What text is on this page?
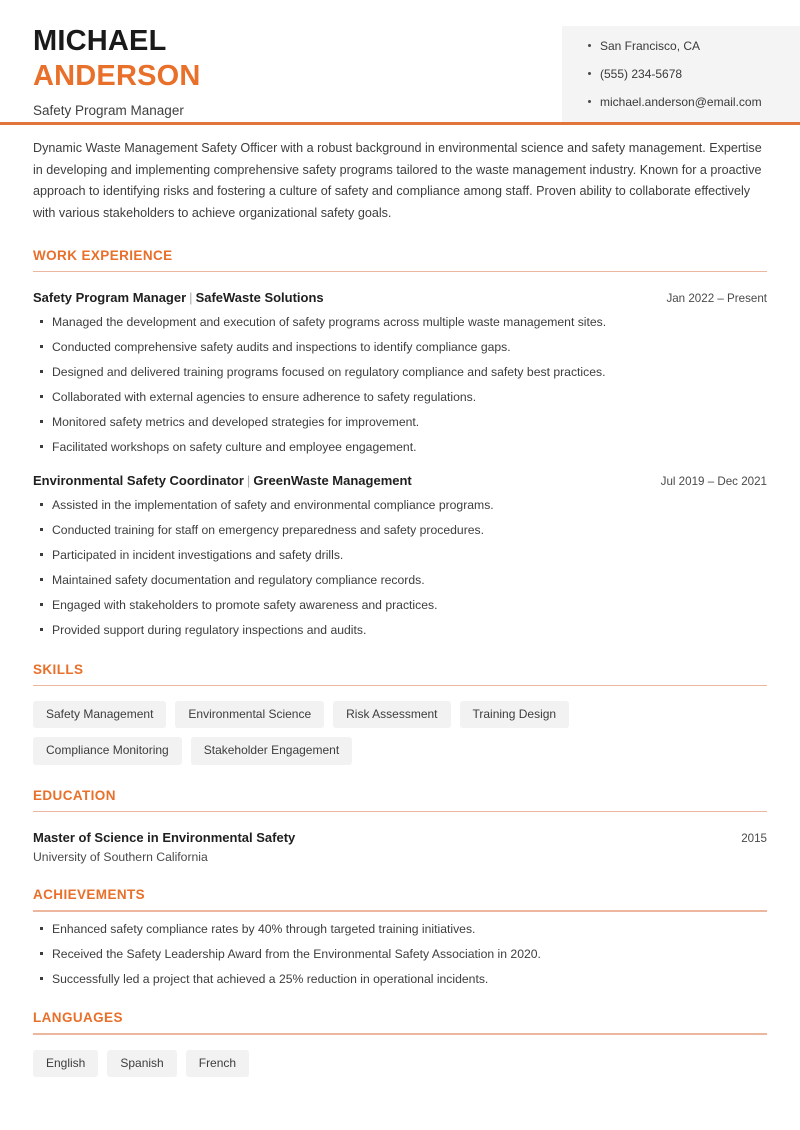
MICHAEL
ANDERSON
Safety Program Manager
San Francisco, CA
(555) 234-5678
michael.anderson@email.com
Dynamic Waste Management Safety Officer with a robust background in environmental science and safety management. Expertise in developing and implementing comprehensive safety programs tailored to the waste management industry. Known for a proactive approach to identifying risks and fostering a culture of safety and compliance among staff. Proven ability to collaborate effectively with various stakeholders to achieve organizational safety goals.
WORK EXPERIENCE
Safety Program Manager | SafeWaste Solutions	Jan 2022 – Present
Managed the development and execution of safety programs across multiple waste management sites.
Conducted comprehensive safety audits and inspections to identify compliance gaps.
Designed and delivered training programs focused on regulatory compliance and safety best practices.
Collaborated with external agencies to ensure adherence to safety regulations.
Monitored safety metrics and developed strategies for improvement.
Facilitated workshops on safety culture and employee engagement.
Environmental Safety Coordinator | GreenWaste Management	Jul 2019 – Dec 2021
Assisted in the implementation of safety and environmental compliance programs.
Conducted training for staff on emergency preparedness and safety procedures.
Participated in incident investigations and safety drills.
Maintained safety documentation and regulatory compliance records.
Engaged with stakeholders to promote safety awareness and practices.
Provided support during regulatory inspections and audits.
SKILLS
Safety Management	Environmental Science	Risk Assessment	Training Design
Compliance Monitoring	Stakeholder Engagement
EDUCATION
Master of Science in Environmental Safety	2015
University of Southern California
ACHIEVEMENTS
Enhanced safety compliance rates by 40% through targeted training initiatives.
Received the Safety Leadership Award from the Environmental Safety Association in 2020.
Successfully led a project that achieved a 25% reduction in operational incidents.
LANGUAGES
English	Spanish	French
